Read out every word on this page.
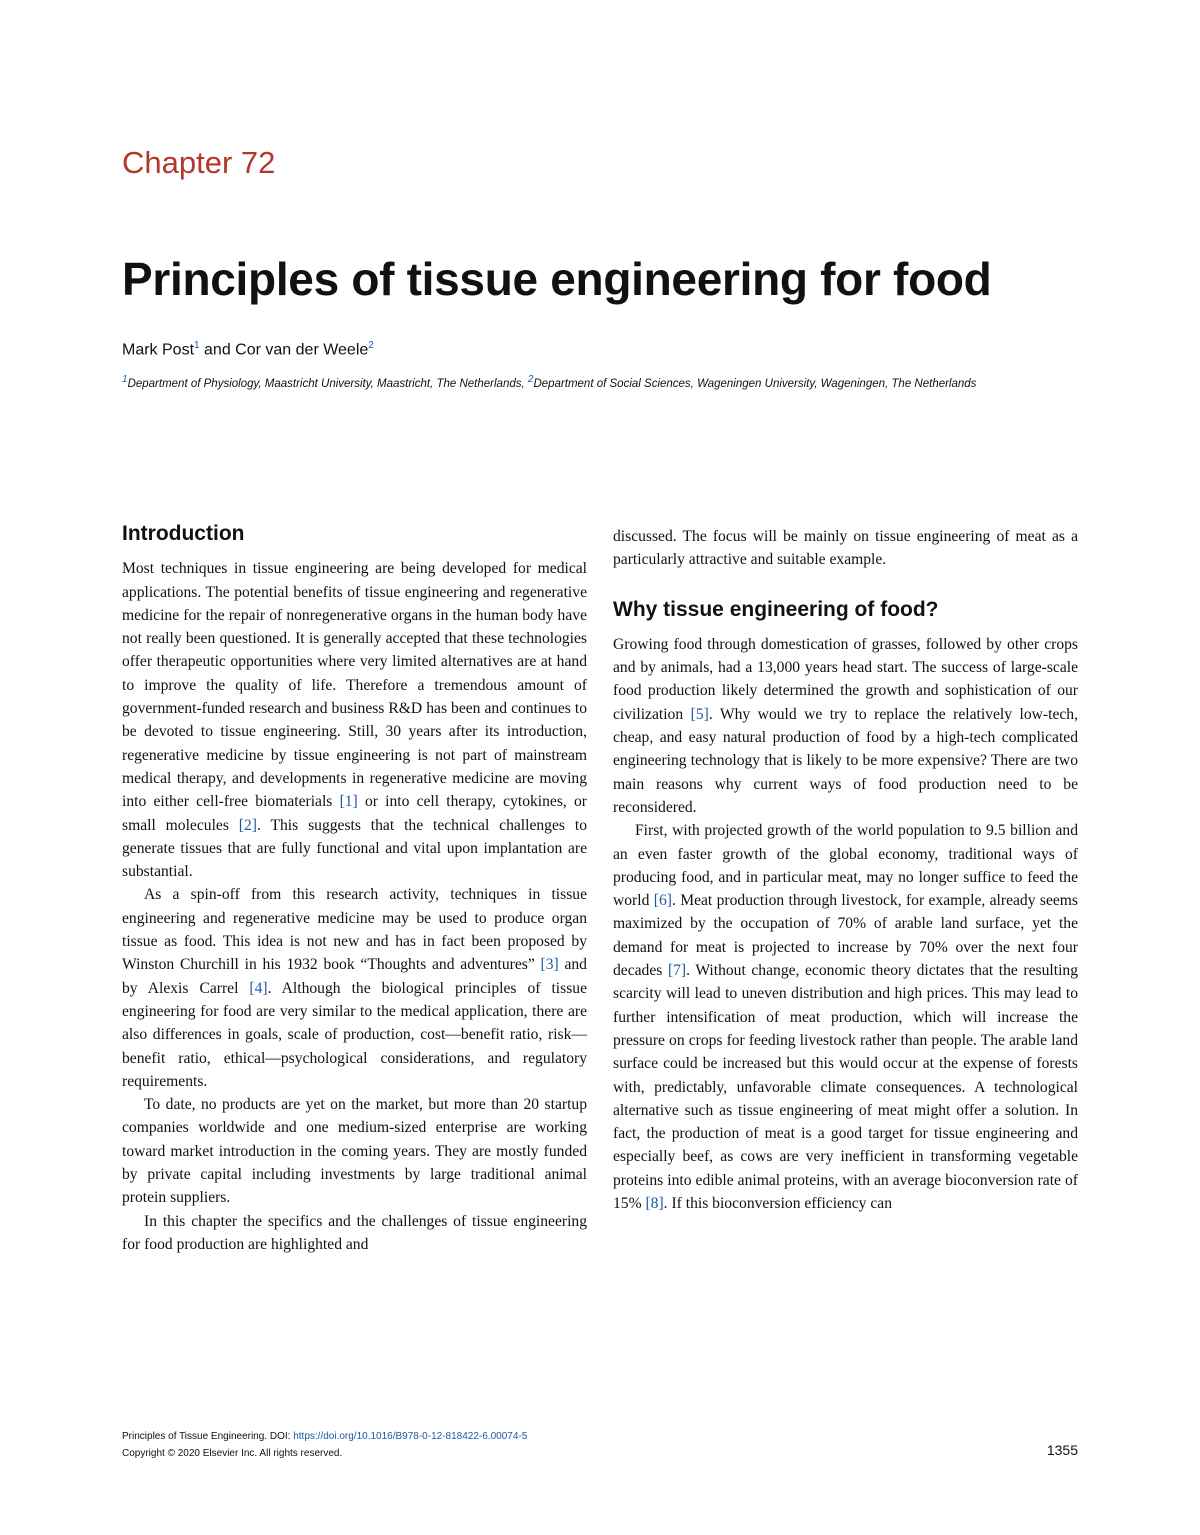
Chapter 72
Principles of tissue engineering for food
Mark Post$^1$ and Cor van der Weele$^2$
$^1$Department of Physiology, Maastricht University, Maastricht, The Netherlands, $^2$Department of Social Sciences, Wageningen University, Wageningen, The Netherlands
Introduction

Most techniques in tissue engineering are being developed for medical applications. The potential benefits of tissue engineering and regenerative medicine for the repair of nonregenerative organs in the human body have not really been questioned. It is generally accepted that these technologies offer therapeutic opportunities where very limited alternatives are at hand to improve the quality of life. Therefore a tremendous amount of government-funded research and business R&D has been and continues to be devoted to tissue engineering. Still, 30 years after its introduction, regenerative medicine by tissue engineering is not part of mainstream medical therapy, and developments in regenerative medicine are moving into either cell-free biomaterials [1] or into cell therapy, cytokines, or small molecules [2]. This suggests that the technical challenges to generate tissues that are fully functional and vital upon implantation are substantial.

As a spin-off from this research activity, techniques in tissue engineering and regenerative medicine may be used to produce organ tissue as food. This idea is not new and has in fact been proposed by Winston Churchill in his 1932 book “Thoughts and adventures” [3] and by Alexis Carrel [4]. Although the biological principles of tissue engineering for food are very similar to the medical application, there are also differences in goals, scale of production, cost—benefit ratio, risk—benefit ratio, ethical—psychological considerations, and regulatory requirements.

To date, no products are yet on the market, but more than 20 startup companies worldwide and one medium-sized enterprise are working toward market introduction in the coming years. They are mostly funded by private capital including investments by large traditional animal protein suppliers.

In this chapter the specifics and the challenges of tissue engineering for food production are highlighted and

discussed. The focus will be mainly on tissue engineering of meat as a particularly attractive and suitable example.

Why tissue engineering of food?

Growing food through domestication of grasses, followed by other crops and by animals, had a 13,000 years head start. The success of large-scale food production likely determined the growth and sophistication of our civilization [5]. Why would we try to replace the relatively low-tech, cheap, and easy natural production of food by a high-tech complicated engineering technology that is likely to be more expensive? There are two main reasons why current ways of food production need to be reconsidered.

First, with projected growth of the world population to 9.5 billion and an even faster growth of the global economy, traditional ways of producing food, and in particular meat, may no longer suffice to feed the world [6]. Meat production through livestock, for example, already seems maximized by the occupation of 70% of arable land surface, yet the demand for meat is projected to increase by 70% over the next four decades [7]. Without change, economic theory dictates that the resulting scarcity will lead to uneven distribution and high prices. This may lead to further intensification of meat production, which will increase the pressure on crops for feeding livestock rather than people. The arable land surface could be increased but this would occur at the expense of forests with, predictably, unfavorable climate consequences. A technological alternative such as tissue engineering of meat might offer a solution. In fact, the production of meat is a good target for tissue engineering and especially beef, as cows are very inefficient in transforming vegetable proteins into edible animal proteins, with an average bioconversion rate of 15% [8]. If this bioconversion efficiency can

Principles of Tissue Engineering. DOI: https://doi.org/10.1016/B978-0-12-818422-6.00074-5
Copyright © 2020 Elsevier Inc. All rights reserved.	1355
